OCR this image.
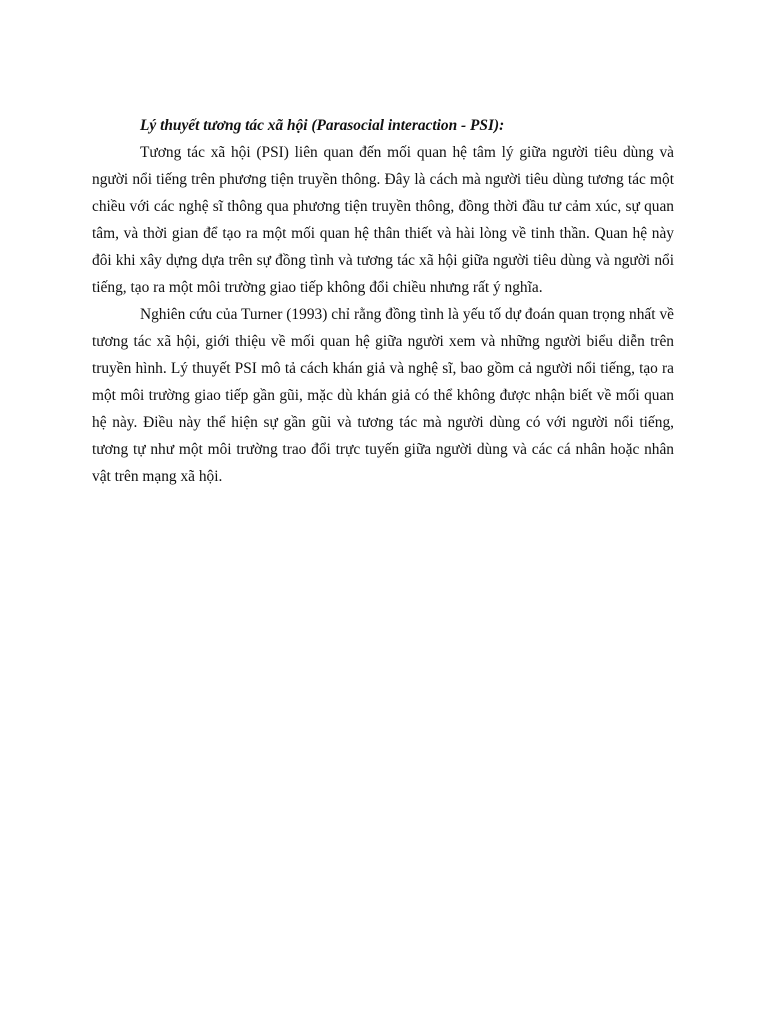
Lý thuyết tương tác xã hội (Parasocial interaction - PSI):

Tương tác xã hội (PSI) liên quan đến mối quan hệ tâm lý giữa người tiêu dùng và người nổi tiếng trên phương tiện truyền thông. Đây là cách mà người tiêu dùng tương tác một chiều với các nghệ sĩ thông qua phương tiện truyền thông, đồng thời đầu tư cảm xúc, sự quan tâm, và thời gian để tạo ra một mối quan hệ thân thiết và hài lòng về tinh thần. Quan hệ này đôi khi xây dựng dựa trên sự đồng tình và tương tác xã hội giữa người tiêu dùng và người nổi tiếng, tạo ra một môi trường giao tiếp không đổi chiều nhưng rất ý nghĩa.

Nghiên cứu của Turner (1993) chỉ rằng đồng tình là yếu tố dự đoán quan trọng nhất về tương tác xã hội, giới thiệu về mối quan hệ giữa người xem và những người biểu diễn trên truyền hình. Lý thuyết PSI mô tả cách khán giả và nghệ sĩ, bao gồm cả người nổi tiếng, tạo ra một môi trường giao tiếp gần gũi, mặc dù khán giả có thể không được nhận biết về mối quan hệ này. Điều này thể hiện sự gần gũi và tương tác mà người dùng có với người nổi tiếng, tương tự như một môi trường trao đổi trực tuyến giữa người dùng và các cá nhân hoặc nhân vật trên mạng xã hội.
